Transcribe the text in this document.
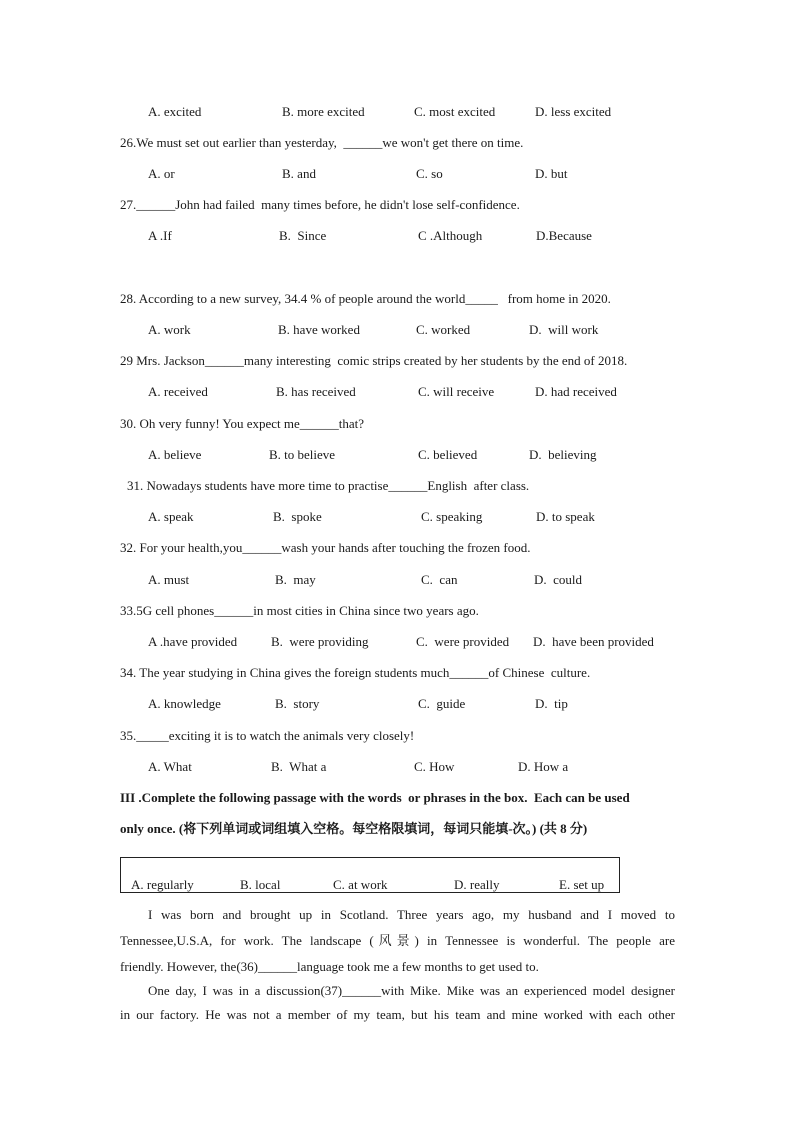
A. excited	B. more excited	C. most excited	D. less excited
26.We must set out earlier than yesterday,  ______we won't get there on time.
A. or	B. and	C. so	D. but
27.______John had failed  many times before, he didn't lose self-confidence.
A .If	B.  Since	C .Although	D.Because
28. According to a new survey, 34.4 % of people around the world_____   from home in 2020.
A. work	B. have worked	C. worked	D.  will work
29 Mrs. Jackson______many interesting  comic strips created by her students by the end of 2018.
A. received	B. has received	C. will receive	D. had received
30. Oh very funny! You expect me______that?
A. believe	B. to believe	C. believed	D.  believing
31. Nowadays students have more time to practise______English  after class.
A. speak	B.  spoke	C. speaking	D. to speak
32. For your health,you______wash your hands after touching the frozen food.
A. must	B.  may	C.  can	D.  could
33.5G cell phones______in most cities in China since two years ago.
A .have provided	B.  were providing	C.  were provided D.  have been provided
34. The year studying in China gives the foreign students much______of Chinese  culture.
A. knowledge	B.  story	C.  guide	D.  tip
35._____exciting it is to watch the animals very closely!
A. What	B.  What a	C. How	D. How a
III .Complete the following passage with the words  or phrases in the box.  Each can be used
only once. (将下列单词或词组填入空格。每空格限填词，每词只能填-次。) (共 8 分)
A. regularly	B. local	C. at work	D. really	E. set up
I was born and brought up in Scotland. Three years ago, my husband and I moved to
Tennessee,U.S.A, for work. The landscape (风景) in Tennessee is wonderful. The people are
friendly. However, the(36)______language took me a few months to get used to.
One day, I was in a discussion(37)______with Mike. Mike was an experienced model designer
in our factory. He was not a member of my team, but his team and mine worked with each other
